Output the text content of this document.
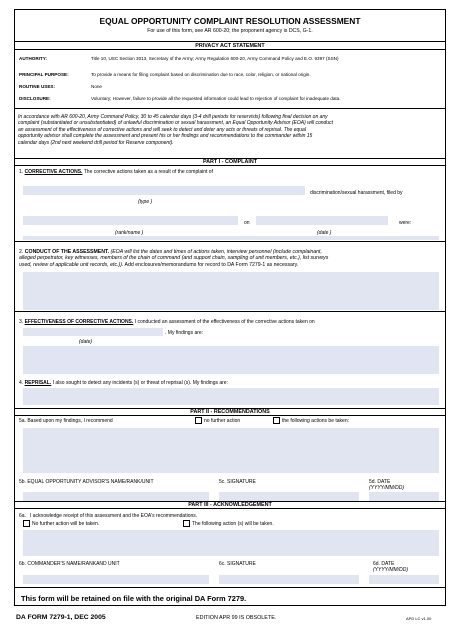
EQUAL OPPORTUNITY COMPLAINT RESOLUTION ASSESSMENT
For use of this form, see AR 600-20; the proponent agency is DCS, G-1.
PRIVACY ACT STATEMENT
AUTHORITY:	Title 10, USC Section 3013, Secretary of the Army; Army Regulation 600-20, Army Command Policy and E.O. 9397 (SSN)
PRINCIPAL PURPOSE:	To provide a means for filing complaint based on discrimination due to race, color, religion, or national origin.
ROUTINE USES:	None
DISCLOSURE:	Voluntary; However, failure to provide all the requested information could lead to rejection of complaint for inadequate data.
In accordance with AR 600-20, Army Command Policy, 30 to 45 calendar days (3-4 drill periods for reservists) following final decision on any
complaint (substantiated or unsubstantiated) of unlawful discrimination or sexual harassment, an Equal Opportunity Advisor (EOA) will conduct
an assessment of the effectiveness of corrective actions and will seek to detect and deter any acts or threats of reprisal. The equal
opportunity advisor shall complete the assessment and present his or her findings and recommendations to the commander within 15
calendar days (2nd next weekend drill period for Reserve component).
PART I - COMPLAINT
1. CORRECTIVE ACTIONS. The corrective actions taken as a result of the complaint of
discrimination/sexual harassment, filed by
(type )
on	were:
(rank/name )	(date )
2. CONDUCT OF THE ASSESSMENT. (EOA will list the dates and times of actions taken, interview personnel (include complainant,
alleged perpetrator, key witnesses, members of the chain of command (and support chain, sampling of unit members, etc.), list surveys
used, review of applicable unit records, etc.)). Add enclosures/memorandums for record to DA Form 7279-1 as necessary.
3. EFFECTIVENESS OF CORRECTIVE ACTIONS. I conducted an assessment of the effectiveness of the corrective actions taken on
. My findings are:
(date)
4. REPRISAL. I also sought to detect any incidents (s) or threat of reprisal (s). My findings are:
PART II - RECOMMENDATIONS
5a. Based upon my findings, I recommend	no further action	the following actions be taken:
5b. EQUAL OPPORTUNITY ADVISOR'S NAME/RANK/UNIT	5c. SIGNATURE	5d. DATE
(YYYY/MM/DD)
PART III - ACKNOWLEDGEMENT
6a. I acknowledge receipt of this assessment and the EOA's recommendations.
No further action will be taken.	The following action (s) will be taken.
6b. COMMANDER'S NAME/RANKAND UNIT	6c. SIGNATURE	6d. DATE
(YYYY/MM/DD)
This form will be retained on file with the original DA Form 7279.
DA FORM 7279-1, DEC 2005	EDITION APR 99 IS OBSOLETE.	APD LC v1.00
